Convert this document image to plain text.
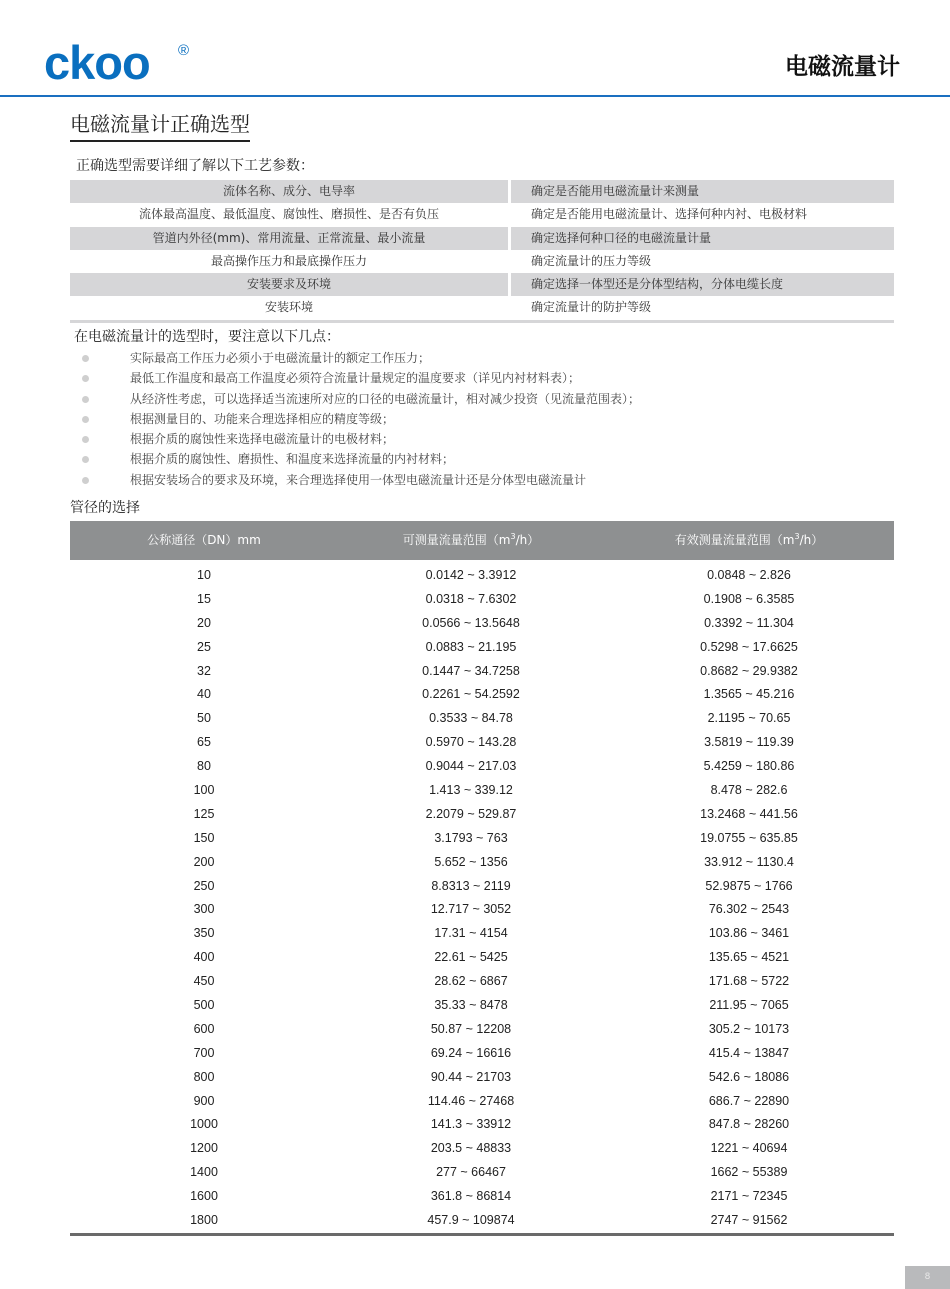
ckoo ®
电磁流量计
电磁流量计正确选型
正确选型需要详细了解以下工艺参数：
流体名称、成分、电导率	确定是否能用电磁流量计来测量
流体最高温度、最低温度、腐蚀性、磨损性、是否有负压	确定是否能用电磁流量计、选择何种内衬、电极材料
管道内外径(mm)、常用流量、正常流量、最小流量	确定选择何种口径的电磁流量计量
最高操作压力和最底操作压力	确定流量计的压力等级
安装要求及环境	确定选择一体型还是分体型结构，分体电缆长度
安装环境	确定流量计的防护等级
在电磁流量计的选型时，要注意以下几点：
实际最高工作压力必须小于电磁流量计的额定工作压力；
最低工作温度和最高工作温度必须符合流量计量规定的温度要求（详见内衬材料表）；
从经济性考虑，可以选择适当流速所对应的口径的电磁流量计，相对减少投资（见流量范围表）；
根据测量目的、功能来合理选择相应的精度等级；
根据介质的腐蚀性来选择电磁流量计的电极材料；
根据介质的腐蚀性、磨损性、和温度来选择流量的内衬材料；
根据安装场合的要求及环境，来合理选择使用一体型电磁流量计还是分体型电磁流量计
管径的选择
公称通径（DN）mm	可测量流量范围$(m^3/h)$	有效测量流量范围$(m^3/h)$
10	0.0142 ~ 3.3912	0.0848 ~ 2.826
15	0.0318 ~ 7.6302	0.1908 ~ 6.3585
20	0.0566 ~ 13.5648	0.3392 ~ 11.304
25	0.0883 ~ 21.195	0.5298 ~ 17.6625
32	0.1447 ~ 34.7258	0.8682 ~ 29.9382
40	0.2261 ~ 54.2592	1.3565 ~ 45.216
50	0.3533 ~ 84.78	2.1195 ~ 70.65
65	0.5970 ~ 143.28	3.5819 ~ 119.39
80	0.9044 ~ 217.03	5.4259 ~ 180.86
100	1.413 ~ 339.12	8.478 ~ 282.6
125	2.2079 ~ 529.87	13.2468 ~ 441.56
150	3.1793 ~ 763	19.0755 ~ 635.85
200	5.652 ~ 1356	33.912 ~ 1130.4
250	8.8313 ~ 2119	52.9875 ~ 1766
300	12.717 ~ 3052	76.302 ~ 2543
350	17.31 ~ 4154	103.86 ~ 3461
400	22.61 ~ 5425	135.65 ~ 4521
450	28.62 ~ 6867	171.68 ~ 5722
500	35.33 ~ 8478	211.95 ~ 7065
600	50.87 ~ 12208	305.2 ~ 10173
700	69.24 ~ 16616	415.4 ~ 13847
800	90.44 ~ 21703	542.6 ~ 18086
900	114.46 ~ 27468	686.7 ~ 22890
1000	141.3 ~ 33912	847.8 ~ 28260
1200	203.5 ~ 48833	1221 ~ 40694
1400	277 ~ 66467	1662 ~ 55389
1600	361.8 ~ 86814	2171 ~ 72345
1800	457.9 ~ 109874	2747 ~ 91562
8
